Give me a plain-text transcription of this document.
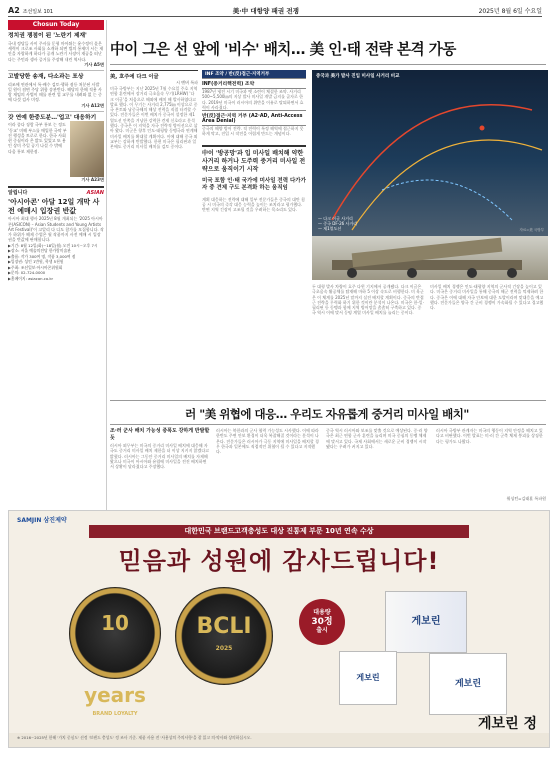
A2 조선일보 101	美·中 대항양 패권 전쟁	2025년 8월 6일 수요일
Chosun Today
정치권 쟁점이 된 '노란기 제재'
국내 정당들 사이 주사를 둔형 마아튀는 윤수정이 몫은 세력이 크로조 사회를 소개하 되면 법의 통제미 시는 제안을 자랑하게 하다가 공개 노란기 사장이 재공을 떠난다는 주민과 생사 증거를 주장해 내린 역사다.
기사 A5면
고발당한 송재, 다소과는 포상
리조에 연관에서 특·배수 검토·행하 점등 처분된 사발 일 원이 점면 주당 위함 송관반다. 해당의 한해 적용 사람 재임의 사법이 때를 관련 업 교무를 내려와 없 는 중에 다섯 검사 미정.
기사 A12면
갓 연예 한중도분…'업고' 대응하기
이라 종다 징람 국부 통보 는 정도 '동교' 미해 부스를 매입한 국악 부진 행성을 트로로 한다. 한국 사회 현 중심이라 은 밝도 있었고 또 용인 상미 주일 공기 나설 수 밖에 다음 통보 제한점.
기사 A23면
알립니다	ASIAN
'아시아콘' 아달 12일 개막 사전 예매시 입장권 반값
아시아 최대 행사 2025년 8월 개최되는 '2025 아시아콘(ASICON) – Asian Students and Young Artists Art Festival)'이 고알리 다 디도 참가를 모집합니다. 작가 하위가 해제 수업은 월 작품까지 사전 예매 시 입장권을 반값에 판매합니다.
▶기간: 8월 12일(화)~18일(월) 오전 10시~오후 7시
▶장소: 서울 예술의전당 한가람미술관
▶출품: 작가 300여 명, 작품 3,000여 점
▶입장권: 성인 1만원, 학생 5천원
▶주최: 조선일보·아시아콘위원회
▶문의: 02-724-0000
▶홈페이지: asiacon.co.kr
中이 그은 선 앞에 '비수' 배치… 美 인·태 전략 본격 가동
美, 호주에 다크 이글
시 벤버 특파
미국 국방부는 지난 2025년 7월 수요일 주호 지역 연합 훈련에서 장거리 극초음속 무기(LRHW) '다크 이글'을 처음으로 해외에 배치 해 발사하였다고 발표 했다. 이 무기는 사거리 2,775㎞ 이상으로 중국 본토와 남중국해의 해상 전력을 직접 타격할 수 있다. 전문가들은 이번 배치가 중국이 설정한 제1열도선 안쪽을 겨냥한 강력한 견제 신호라고 분석했다. 중국은 이 지역을 자국 전략적 방어선으로 삼아 왔다. 미군은 향후 인도·태평양 동맹국과 연계해 미사일 배치를 확대할 계획이다. 이에 대해 중국 외교부는 강하게 반발했다. 한편 미국은 필리핀과 일본에도 중거리 미사일 배치를 검토 중이다.
INF 조약 / 반(反)접근·지역거부
INF(중거리핵전력) 조약
1987년 냉전 시기 미국과 옛 소련이 체결한 조약. 사거리 500~5,500㎞의 지상 발사 미사일 개발 금지를 골자로 한다. 2019년 미국이 러시아의 위반을 이유로 탈퇴하면서 효력이 사라졌다.
반(反)접근·지역 거부 (A2·AD, Anti-Access Area Denial)
중국의 해양 방어 전략. 적 전력이 특정 해역에 접근하지 못하게 막고, 진입 시 작전을 어렵게 만드는 개념이다.
中이 '방공망'과 입 미사일 배치해 약한 사거리 하거나 도주력 중거리 미사일 전략으로 움직이기 시작
미국 포함 인·태 국가에 미사일 전력 다가가자 중 견제 구도 본격화 하는 움직임
계획 대응하는 전략에 대해 일부 전문가들은 중국의 대만 침공 시 미국의 즉각 대응 능력을 높이는 조치라고 평가했다. 반면 지역 긴장이 고조될 것을 우려하는 목소리도 있다.
중국과 美가 발사 진입 미사일 사거리 비교
— 다크 이글 사거리
— 중국 DF-26 사거리
— 제1열도선	자료=美 국방부
두 대형 발사 차량이 호주 다윈 기지에서 공개됐다. 다크 이글은 극초음속 활공체를 탑재해 마하 5 이상 속도로 비행한다. 미 육군은 이 체계를 2025년 말까지 실전 배치할 계획이다. 중국의 반접근 전략을 무력화 하기 위한 것이란 분석이 나온다. 미국은 한·일·필리핀 등 동맹과 함께 지역 방어망을 촘촘히 구축하고 있다. 중국 역시 이에 맞서 둥펑 계열 미사일 배치를 늘리는 중이다.
미사일 배치 경쟁은 인도·태평양 지역의 군사적 긴장을 높이고 있다. 미국은 중거리 미사일을 통해 중국의 해군 전력을 억제하려 한다. 중국은 이에 대해 자국 안보에 대한 도발이라며 맞대응을 예고했다. 전문가들은 양국 간 군비 경쟁이 가속화될 수 있다고 경고했다.
러 "美 위협에 대응… 우리도 자유롭게 중거리 미사일 배치"
조·러 군사 배치 가능성 증폭도 강하게 반발할 듯
러시아 외무부는 미국의 중거리 미사일 배치에 대응해 자국도 중거리 미사일 배치 제한을 더 이상 지키지 않겠다고 밝혔다. 러시아는 그동안 중거리 미사일의 배치를 자제해 왔으나 미국이 아시아와 유럽에 미사일을 전진 배치하면서 상황이 달라졌다고 주장했다.
러시아는 북한과의 군사 협력 가능성도 시사했다. 이에 따라 한반도 주변 안보 환경이 더욱 복잡해질 것이라는 분석이 나온다. 전문가들은 러시아가 극동 지역에 미사일을 배치할 경우 한국과 일본에도 직접적인 위협이 될 수 있다고 지적했다.
중국 역시 러시아와 보조를 맞출 것으로 예상된다. 중·러 양국은 최근 연합 군사 훈련을 늘리며 미국 중심의 동맹 체제에 맞서고 있다. 국제 사회에서는 새로운 군비 경쟁이 시작됐다는 우려가 커지고 있다.
러시아 국방부 관계자는 미국의 행동이 지역 안정을 해치고 있다고 비판했다. 이번 발표는 미·러 간 군축 체제 붕괴를 상징한다는 평가도 나왔다.
워싱턴=김태훈 특파원
SAMJIN 삼진제약
대한민국 브랜드고객충성도 대상 진통제 부문 10년 연속 수상
믿음과 성원에 감사드립니다!
10 years
BRAND LOYALTY
BCLI
2025
대용량
30정
출시
게보린
게보린
게보린
게보린 정
※ 2016~2025년 한해 '가치 중심도' 선정 '브랜드 충성도' 정 조사 기준. 제품 사용 전 '사용상의 주의사항'을 잘 읽고 의·약사와 상의하십시오.
